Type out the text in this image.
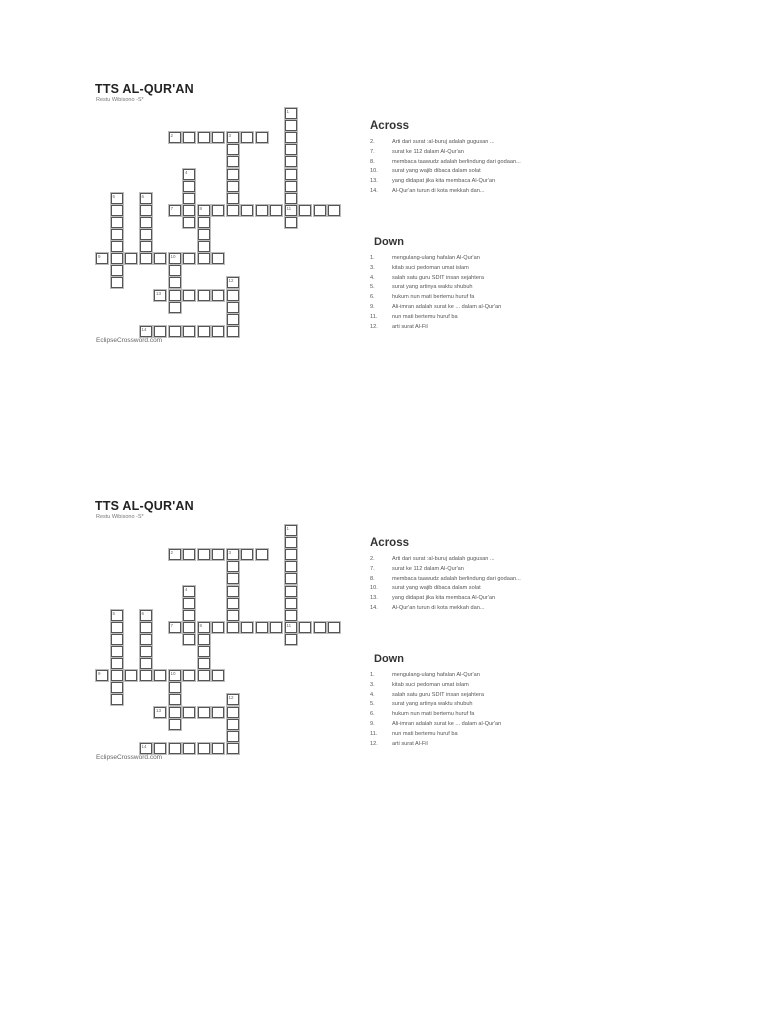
TTS AL-QUR'AN
Restu Wibisono -S*
2	3
7	8	11
9	10
13
14
1
4
5	6
12
EclipseCrossword.com
Across
2.	Arti dari surat :al-buruj adalah gugusan ...
7.	surat ke 112 dalam Al-Qur'an
8.	membaca taawudz adalah berlindung dari godaan...
10.	surat yang wajib dibaca dalam solat
13.	yang didapat jika kita membaca Al-Qur'an
14.	Al-Qur'an turun di kota mekkah dan...
Down
1.	mengulang-ulang hafalan Al-Qur'an
3.	kitab suci pedoman umat islam
4.	salah satu guru SDIT insan sejahtera
5.	surat yang artinya waktu shubuh
6.	hukum nun mati bertemu huruf fa
9.	Ali-imran adalah surat ke ... dalam al-Qur'an
11.	nun mati bertemu huruf ba
12.	arti surat Al-Fil
TTS AL-QUR'AN
Restu Wibisono -S*
2	3
7	8	11
9	10
13
14
1
4
5	6
12
EclipseCrossword.com
Across
2.	Arti dari surat :al-buruj adalah gugusan ...
7.	surat ke 112 dalam Al-Qur'an
8.	membaca taawudz adalah berlindung dari godaan...
10.	surat yang wajib dibaca dalam solat
13.	yang didapat jika kita membaca Al-Qur'an
14.	Al-Qur'an turun di kota mekkah dan...
Down
1.	mengulang-ulang hafalan Al-Qur'an
3.	kitab suci pedoman umat islam
4.	salah satu guru SDIT insan sejahtera
5.	surat yang artinya waktu shubuh
6.	hukum nun mati bertemu huruf fa
9.	Ali-imran adalah surat ke ... dalam al-Qur'an
11.	nun mati bertemu huruf ba
12.	arti surat Al-Fil
